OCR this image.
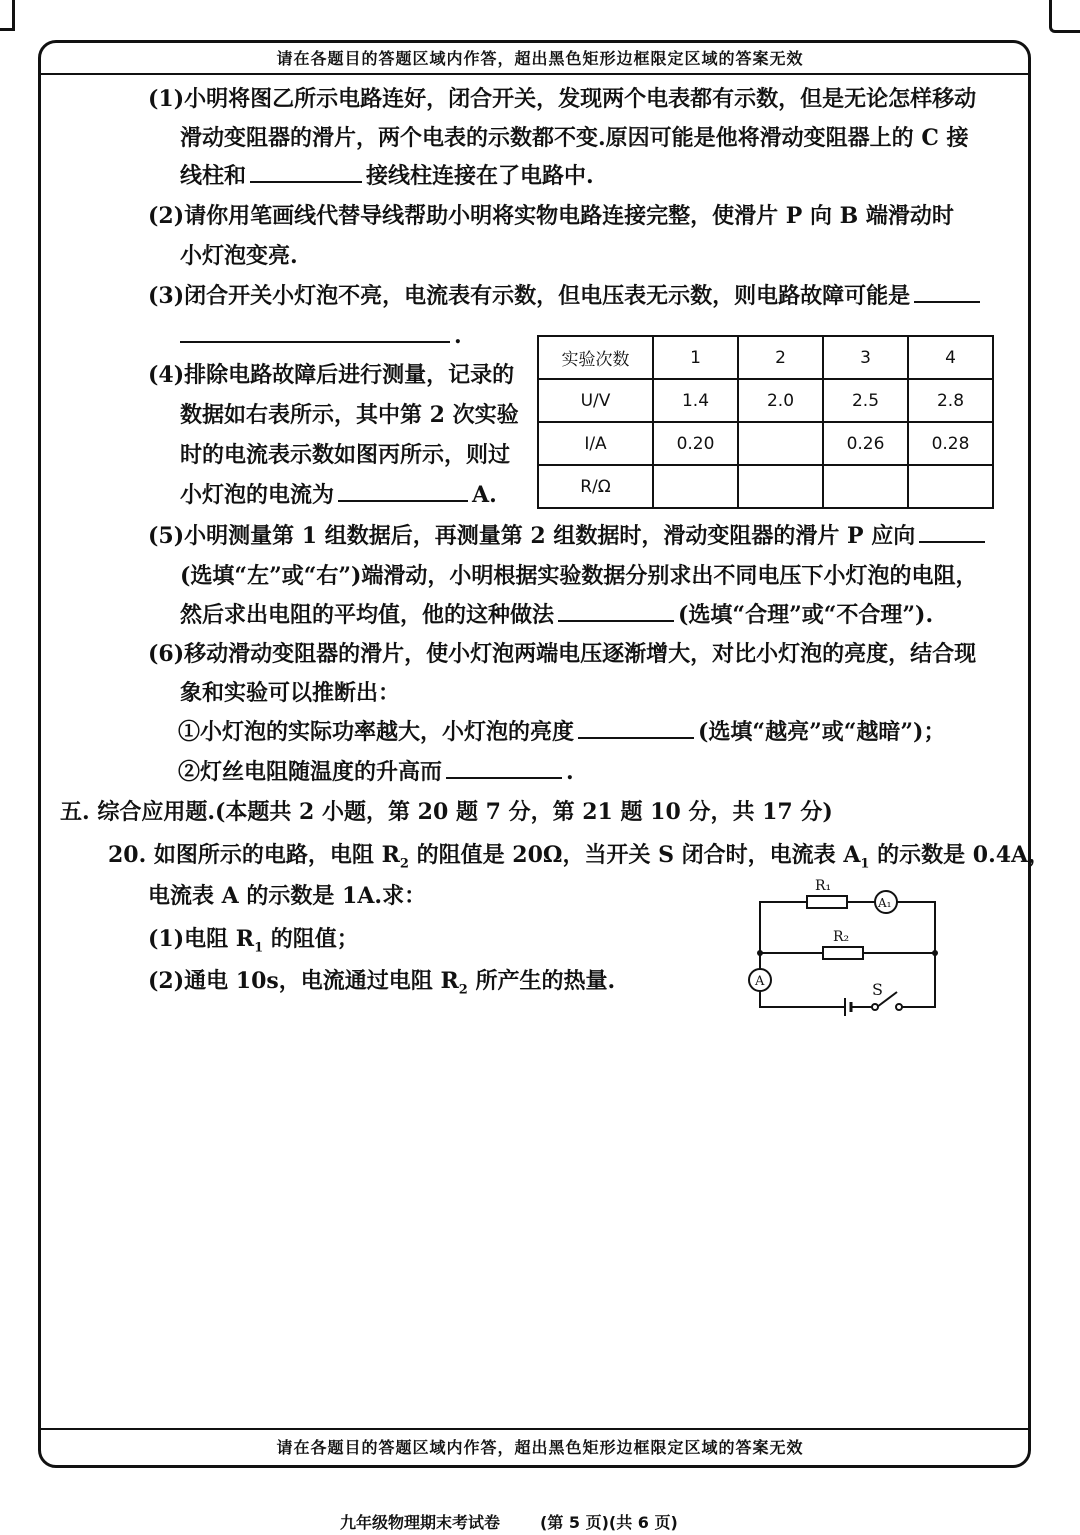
请在各题目的答题区域内作答，超出黑色矩形边框限定区域的答案无效
(1)小明将图乙所示电路连好，闭合开关，发现两个电表都有示数，但是无论怎样移动
滑动变阻器的滑片，两个电表的示数都不变.原因可能是他将滑动变阻器上的 C 接
线柱和	接线柱连接在了电路中.
(2)请你用笔画线代替导线帮助小明将实物电路连接完整，使滑片 P 向 B 端滑动时
小灯泡变亮.
(3)闭合开关小灯泡不亮，电流表有示数，但电压表无示数，则电路故障可能是
.
(4)排除电路故障后进行测量，记录的
数据如右表所示，其中第 2 次实验
时的电流表示数如图丙所示，则过
小灯泡的电流为	A.
实验次数	1	2	3	4
U/V	1.4	2.0	2.5	2.8
I/A	0.20		0.26	0.28
R/Ω				
(5)小明测量第 1 组数据后，再测量第 2 组数据时，滑动变阻器的滑片 P 应向
(选填“左”或“右”)端滑动，小明根据实验数据分别求出不同电压下小灯泡的电阻，
然后求出电阻的平均值，他的这种做法	(选填“合理”或“不合理”).
(6)移动滑动变阻器的滑片，使小灯泡两端电压逐渐增大，对比小灯泡的亮度，结合现
象和实验可以推断出：
①小灯泡的实际功率越大，小灯泡的亮度	(选填“越亮”或“越暗”)；
②灯丝电阻随温度的升高而	.
五. 综合应用题.(本题共 2 小题，第 20 题 7 分，第 21 题 10 分，共 17 分)
20. 如图所示的电路，电阻 $R_2$ 的阻值是 20Ω，当开关 S 闭合时，电流表 $A_1$ 的示数是 0.4A，
电流表 A 的示数是 1A.求：
(1)电阻 $R_1$ 的阻值；
(2)通电 10s，电流通过电阻 $R_2$ 所产生的热量.
R₁
R₂
A₁
A	S
请在各题目的答题区域内作答，超出黑色矩形边框限定区域的答案无效
九年级物理期末考试卷	(第 5 页)(共 6 页)
